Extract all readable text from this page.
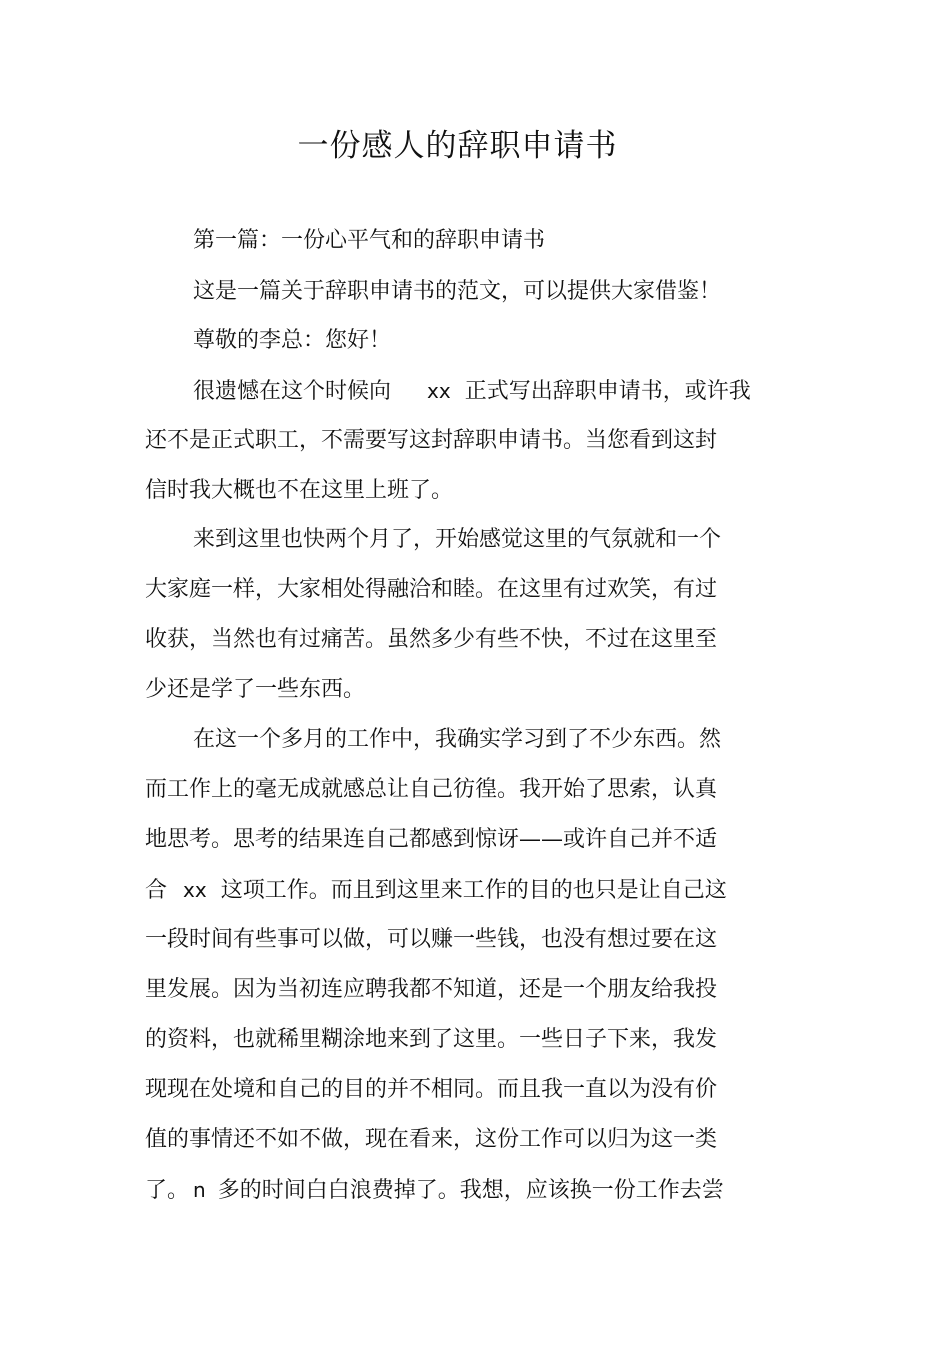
一份感人的辞职申请书

第一篇：一份心平气和的辞职申请书

这是一篇关于辞职申请书的范文，可以提供大家借鉴！

尊敬的李总：您好！

很遗憾在这个时候向 xx 正式写出辞职申请书，或许我

还不是正式职工，不需要写这封辞职申请书。当您看到这封

信时我大概也不在这里上班了。

来到这里也快两个月了，开始感觉这里的气氛就和一个

大家庭一样，大家相处得融洽和睦。在这里有过欢笑，有过

收获，当然也有过痛苦。虽然多少有些不快，不过在这里至

少还是学了一些东西。

在这一个多月的工作中，我确实学习到了不少东西。然

而工作上的毫无成就感总让自己彷徨。我开始了思索，认真

地思考。思考的结果连自己都感到惊讶——或许自己并不适

合 xx 这项工作。而且到这里来工作的目的也只是让自己这

一段时间有些事可以做，可以赚一些钱，也没有想过要在这

里发展。因为当初连应聘我都不知道，还是一个朋友给我投

的资料，也就稀里糊涂地来到了这里。一些日子下来，我发

现现在处境和自己的目的并不相同。而且我一直以为没有价

值的事情还不如不做，现在看来，这份工作可以归为这一类

了。 n 多的时间白白浪费掉了。我想，应该换一份工作去尝
